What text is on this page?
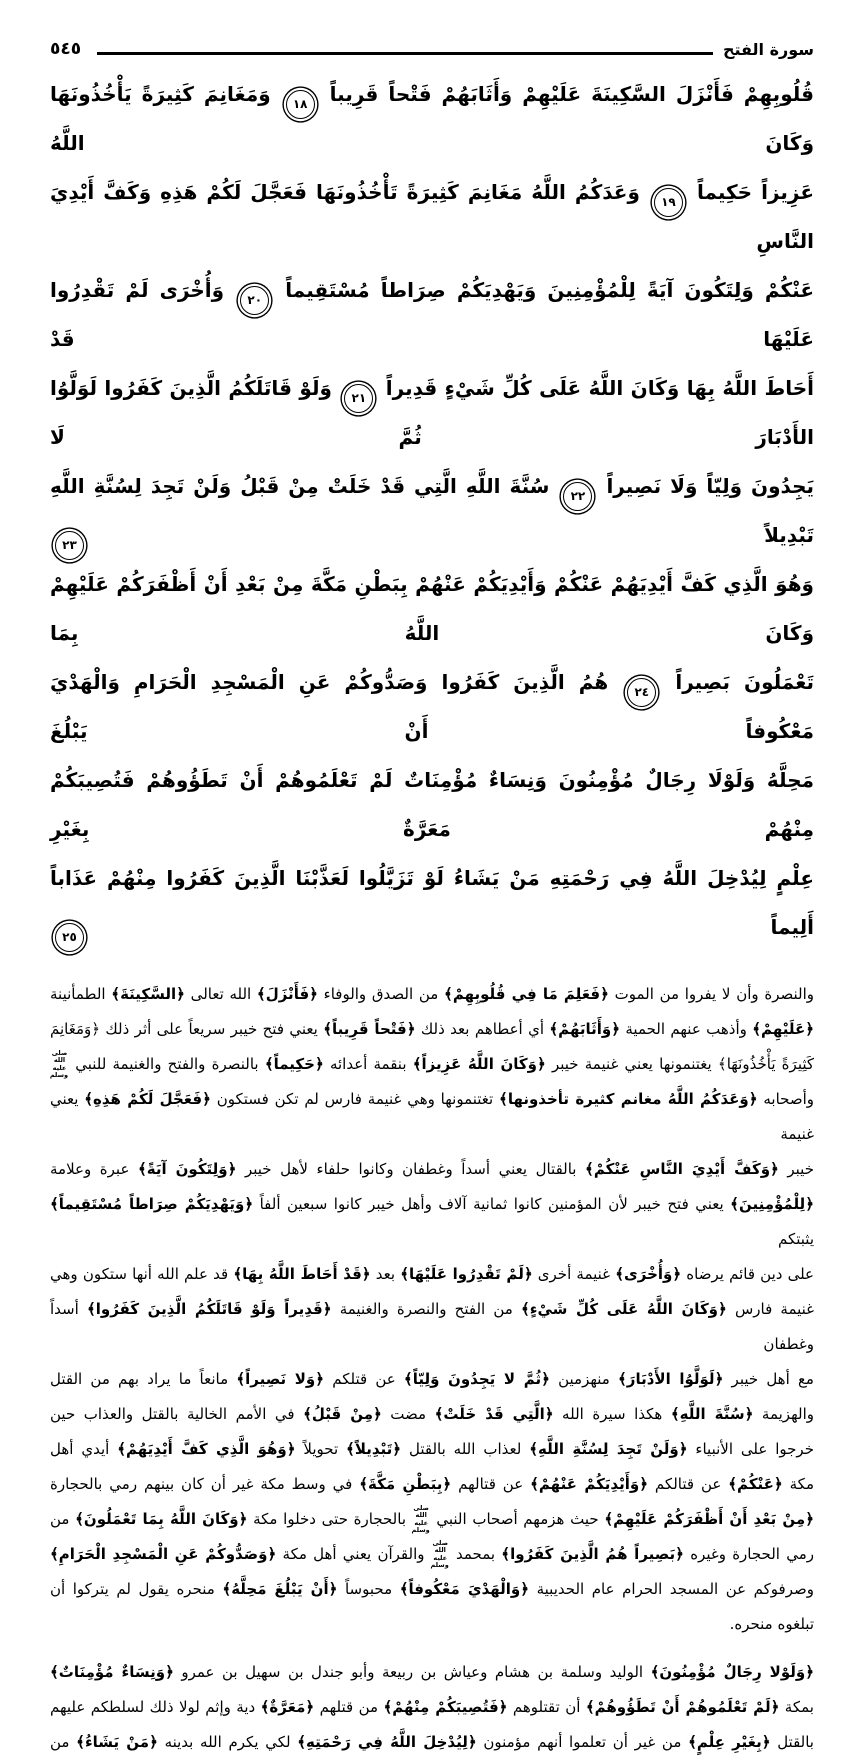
سورة الفتح
٥٤٥
قُلُوبِهِمْ فَأَنْزَلَ السَّكِينَةَ عَلَيْهِمْ وَأَثَابَهُمْ فَتْحاً قَرِيباً ١٨ وَمَغَانِمَ كَثِيرَةً يَأْخُذُونَهَا وَكَانَ اللَّهُ
عَزِيزاً حَكِيماً ١٩ وَعَدَكُمُ اللَّهُ مَغَانِمَ كَثِيرَةً تَأْخُذُونَهَا فَعَجَّلَ لَكُمْ هَذِهِ وَكَفَّ أَيْدِيَ النَّاسِ
عَنْكُمْ وَلِتَكُونَ آيَةً لِلْمُؤْمِنِينَ وَيَهْدِيَكُمْ صِرَاطاً مُسْتَقِيماً ٢٠ وَأُخْرَى لَمْ تَقْدِرُوا عَلَيْهَا قَدْ
أَحَاطَ اللَّهُ بِهَا وَكَانَ اللَّهُ عَلَى كُلِّ شَيْءٍ قَدِيراً ٢١ وَلَوْ قَاتَلَكُمُ الَّذِينَ كَفَرُوا لَوَلَّوُا الأَدْبَارَ ثُمَّ لَا
يَجِدُونَ وَلِيّاً وَلَا نَصِيراً ٢٢ سُنَّةَ اللَّهِ الَّتِي قَدْ خَلَتْ مِنْ قَبْلُ وَلَنْ تَجِدَ لِسُنَّةِ اللَّهِ تَبْدِيلاً ٢٣
وَهُوَ الَّذِي كَفَّ أَيْدِيَهُمْ عَنْكُمْ وَأَيْدِيَكُمْ عَنْهُمْ بِبَطْنِ مَكَّةَ مِنْ بَعْدِ أَنْ أَظْفَرَكُمْ عَلَيْهِمْ وَكَانَ اللَّهُ بِمَا
تَعْمَلُونَ بَصِيراً ٢٤ هُمُ الَّذِينَ كَفَرُوا وَصَدُّوكُمْ عَنِ الْمَسْجِدِ الْحَرَامِ وَالْهَدْيَ مَعْكُوفاً أَنْ يَبْلُغَ
مَحِلَّهُ وَلَوْلَا رِجَالٌ مُؤْمِنُونَ وَنِسَاءٌ مُؤْمِنَاتٌ لَمْ تَعْلَمُوهُمْ أَنْ تَطَؤُوهُمْ فَتُصِيبَكُمْ مِنْهُمْ مَعَرَّةٌ بِغَيْرِ
عِلْمٍ لِيُدْخِلَ اللَّهُ فِي رَحْمَتِهِ مَنْ يَشَاءُ لَوْ تَزَيَّلُوا لَعَذَّبْنَا الَّذِينَ كَفَرُوا مِنْهُمْ عَذَاباً أَلِيماً ٢٥
والنصرة وأن لا يفروا من الموت ﴿فَعَلِمَ مَا فِي قُلُوبِهِمْ﴾ من الصدق والوفاء ﴿فَأَنْزَلَ﴾ الله تعالى ﴿السَّكِينَةَ﴾ الطمأنينة
﴿عَلَيْهِمْ﴾ وأذهب عنهم الحمية ﴿وَأَثَابَهُمْ﴾ أي أعطاهم بعد ذلك ﴿فَتْحاً قَرِيباً﴾ يعني فتح خيبر سريعاً على أثر ذلك ﴿وَمَغَانِمَ
كَثِيرَةً يَأْخُذُونَهَا﴾ يغتنمونها يعني غنيمة خيبر ﴿وَكَانَ اللَّهُ عَزِيزاً﴾ بنقمة أعدائه ﴿حَكِيماً﴾ بالنصرة والفتح والغنيمة للنبي صلى الله عليه وسلم
وأصحابه ﴿وَعَدَكُمُ اللَّهُ مغانم كثيرة تأخذونها﴾ تغتنمونها وهي غنيمة فارس لم تكن فستكون ﴿فَعَجَّلَ لَكُمْ هَذِهِ﴾ يعني غنيمة
خيبر ﴿وَكَفَّ أَيْدِيَ النَّاسِ عَنْكُمْ﴾ بالقتال يعني أسداً وغطفان وكانوا حلفاء لأهل خيبر ﴿وَلِتَكُونَ آيَةً﴾ عبرة وعلامة
﴿لِلْمُؤْمِنِينَ﴾ يعني فتح خيبر لأن المؤمنين كانوا ثمانية آلاف وأهل خيبر كانوا سبعين ألفاً ﴿وَيَهْدِيَكُمْ صِرَاطاً مُسْتَقِيماً﴾ يثبتكم
على دين قائم يرضاه ﴿وَأُخْرَى﴾ غنيمة أخرى ﴿لَمْ تَقْدِرُوا عَلَيْهَا﴾ بعد ﴿قَدْ أَحَاطَ اللَّهُ بِهَا﴾ قد علم الله أنها ستكون وهي
غنيمة فارس ﴿وَكَانَ اللَّهُ عَلَى كُلِّ شَيْءٍ﴾ من الفتح والنصرة والغنيمة ﴿قَدِيراً وَلَوْ قَاتَلَكُمُ الَّذِينَ كَفَرُوا﴾ أسداً وغطفان
مع أهل خيبر ﴿لَوَلَّوُا الأَدْبَارَ﴾ منهزمين ﴿ثُمَّ لا يَجِدُونَ وَلِيّاً﴾ عن قتلكم ﴿وَلا نَصِيراً﴾ مانعاً ما يراد بهم من القتل
والهزيمة ﴿سُنَّةَ اللَّهِ﴾ هكذا سيرة الله ﴿الَّتِي قَدْ خَلَتْ﴾ مضت ﴿مِنْ قَبْلُ﴾ في الأمم الخالية بالقتل والعذاب حين
خرجوا على الأنبياء ﴿وَلَنْ تَجِدَ لِسُنَّةِ اللَّهِ﴾ لعذاب الله بالقتل ﴿تَبْدِيلاً﴾ تحويلاً ﴿وَهُوَ الَّذِي كَفَّ أَيْدِيَهُمْ﴾ أيدي أهل
مكة ﴿عَنْكُمْ﴾ عن قتالكم ﴿وَأَيْدِيَكُمْ عَنْهُمْ﴾ عن قتالهم ﴿بِبَطْنِ مَكَّةَ﴾ في وسط مكة غير أن كان بينهم رمي بالحجارة
﴿مِنْ بَعْدِ أَنْ أَظْفَرَكُمْ عَلَيْهِمْ﴾ حيث هزمهم أصحاب النبي صلى الله عليه وسلم بالحجارة حتى دخلوا مكة ﴿وَكَانَ اللَّهُ بِمَا تَعْمَلُونَ﴾ من
رمي الحجارة وغيره ﴿بَصِيراً هُمُ الَّذِينَ كَفَرُوا﴾ بمحمد صلى الله عليه وسلم والقرآن يعني أهل مكة ﴿وَصَدُّوكُمْ عَنِ الْمَسْجِدِ الْحَرَامِ﴾
وصرفوكم عن المسجد الحرام عام الحديبية ﴿وَالْهَدْيَ مَعْكُوفاً﴾ محبوساً ﴿أَنْ يَبْلُغَ مَحِلَّهُ﴾ منحره يقول لم يتركوا أن
تبلغوه منحره.
﴿وَلَوْلا رِجَالٌ مُؤْمِنُونَ﴾ الوليد وسلمة بن هشام وعياش بن ربيعة وأبو جندل بن سهيل بن عمرو ﴿وَنِسَاءٌ مُؤْمِنَاتٌ﴾
بمكة ﴿لَمْ تَعْلَمُوهُمْ أَنْ تَطَؤُوهُمْ﴾ أن تقتلوهم ﴿فَتُصِيبَكُمْ مِنْهُمْ﴾ من قتلهم ﴿مَعَرَّةٌ﴾ دية وإثم لولا ذلك لسلطكم عليهم
بالقتل ﴿بِغَيْرِ عِلْمٍ﴾ من غير أن تعلموا أنهم مؤمنون ﴿لِيُدْخِلَ اللَّهُ فِي رَحْمَتِهِ﴾ لكي يكرم الله بدينه ﴿مَنْ يَشَاءُ﴾ من
